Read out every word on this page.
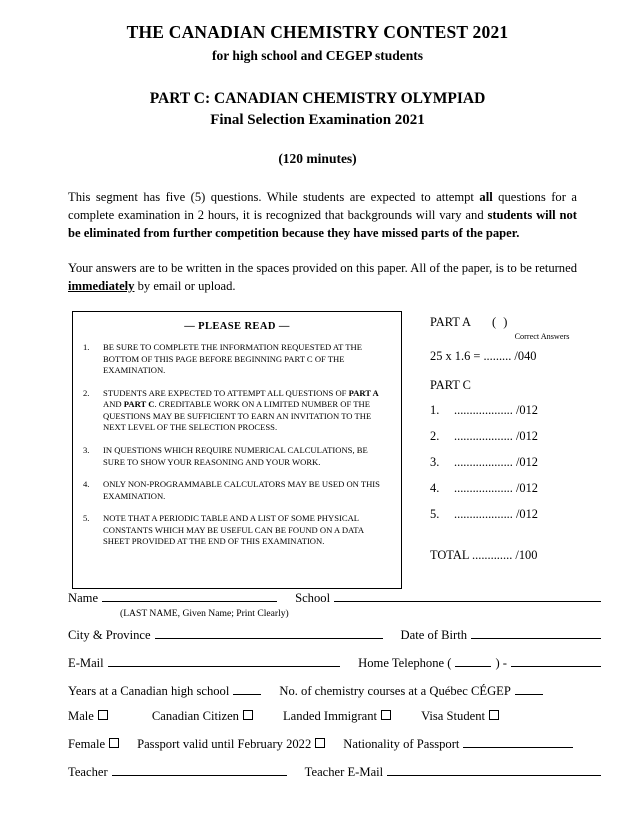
THE CANADIAN CHEMISTRY CONTEST 2021
for high school and CEGEP students
PART C: CANADIAN CHEMISTRY OLYMPIAD
Final Selection Examination 2021
(120 minutes)

This segment has five (5) questions. While students are expected to attempt all questions for a complete examination in 2 hours, it is recognized that backgrounds will vary and students will not be eliminated from further competition because they have missed parts of the paper.

Your answers are to be written in the spaces provided on this paper. All of the paper, is to be returned immediately by email or upload.

— PLEASE READ —
1.	BE SURE TO COMPLETE THE INFORMATION REQUESTED AT THE BOTTOM OF THIS PAGE BEFORE BEGINNING PART C OF THE EXAMINATION.
2.	STUDENTS ARE EXPECTED TO ATTEMPT ALL QUESTIONS OF PART A AND PART C. CREDITABLE WORK ON A LIMITED NUMBER OF THE QUESTIONS MAY BE SUFFICIENT TO EARN AN INVITATION TO THE NEXT LEVEL OF THE SELECTION PROCESS.
3.	IN QUESTIONS WHICH REQUIRE NUMERICAL CALCULATIONS, BE SURE TO SHOW YOUR REASONING AND YOUR WORK.
4.	ONLY NON-PROGRAMMABLE CALCULATORS MAY BE USED ON THIS EXAMINATION.
5.	NOTE THAT A PERIODIC TABLE AND A LIST OF SOME PHYSICAL CONSTANTS WHICH MAY BE USEFUL CAN BE FOUND ON A DATA SHEET PROVIDED AT THE END OF THIS EXAMINATION.
PART A	( )
Correct Answers
25 x 1.6 = ......... /040
PART C
1.	................... /012
2.	................... /012
3.	................... /012
4.	................... /012
5.	................... /012
TOTAL ............. /100
Name	School
(LAST NAME, Given Name; Print Clearly)
City & Province	Date of Birth
E-Mail	Home Telephone (	) -
Years at a Canadian high school	No. of chemistry courses at a Québec CÉGEP
Male	Canadian Citizen	Landed Immigrant	Visa Student
Female	Passport valid until February 2022	Nationality of Passport
Teacher	Teacher E-Mail
